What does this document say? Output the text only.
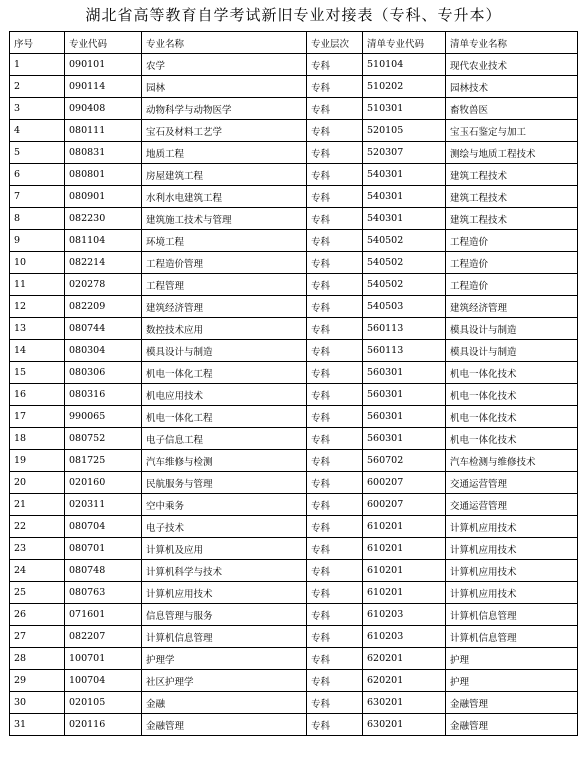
湖北省高等教育自学考试新旧专业对接表（专科、专升本）
序号	专业代码	专业名称	专业层次	清单专业代码	清单专业名称
1	090101	农学	专科	510104	现代农业技术
2	090114	园林	专科	510202	园林技术
3	090408	动物科学与动物医学	专科	510301	畜牧兽医
4	080111	宝石及材料工艺学	专科	520105	宝玉石鉴定与加工
5	080831	地质工程	专科	520307	测绘与地质工程技术
6	080801	房屋建筑工程	专科	540301	建筑工程技术
7	080901	水利水电建筑工程	专科	540301	建筑工程技术
8	082230	建筑施工技术与管理	专科	540301	建筑工程技术
9	081104	环境工程	专科	540502	工程造价
10	082214	工程造价管理	专科	540502	工程造价
11	020278	工程管理	专科	540502	工程造价
12	082209	建筑经济管理	专科	540503	建筑经济管理
13	080744	数控技术应用	专科	560113	模具设计与制造
14	080304	模具设计与制造	专科	560113	模具设计与制造
15	080306	机电一体化工程	专科	560301	机电一体化技术
16	080316	机电应用技术	专科	560301	机电一体化技术
17	990065	机电一体化工程	专科	560301	机电一体化技术
18	080752	电子信息工程	专科	560301	机电一体化技术
19	081725	汽车维修与检测	专科	560702	汽车检测与维修技术
20	020160	民航服务与管理	专科	600207	交通运营管理
21	020311	空中乘务	专科	600207	交通运营管理
22	080704	电子技术	专科	610201	计算机应用技术
23	080701	计算机及应用	专科	610201	计算机应用技术
24	080748	计算机科学与技术	专科	610201	计算机应用技术
25	080763	计算机应用技术	专科	610201	计算机应用技术
26	071601	信息管理与服务	专科	610203	计算机信息管理
27	082207	计算机信息管理	专科	610203	计算机信息管理
28	100701	护理学	专科	620201	护理
29	100704	社区护理学	专科	620201	护理
30	020105	金融	专科	630201	金融管理
31	020116	金融管理	专科	630201	金融管理
